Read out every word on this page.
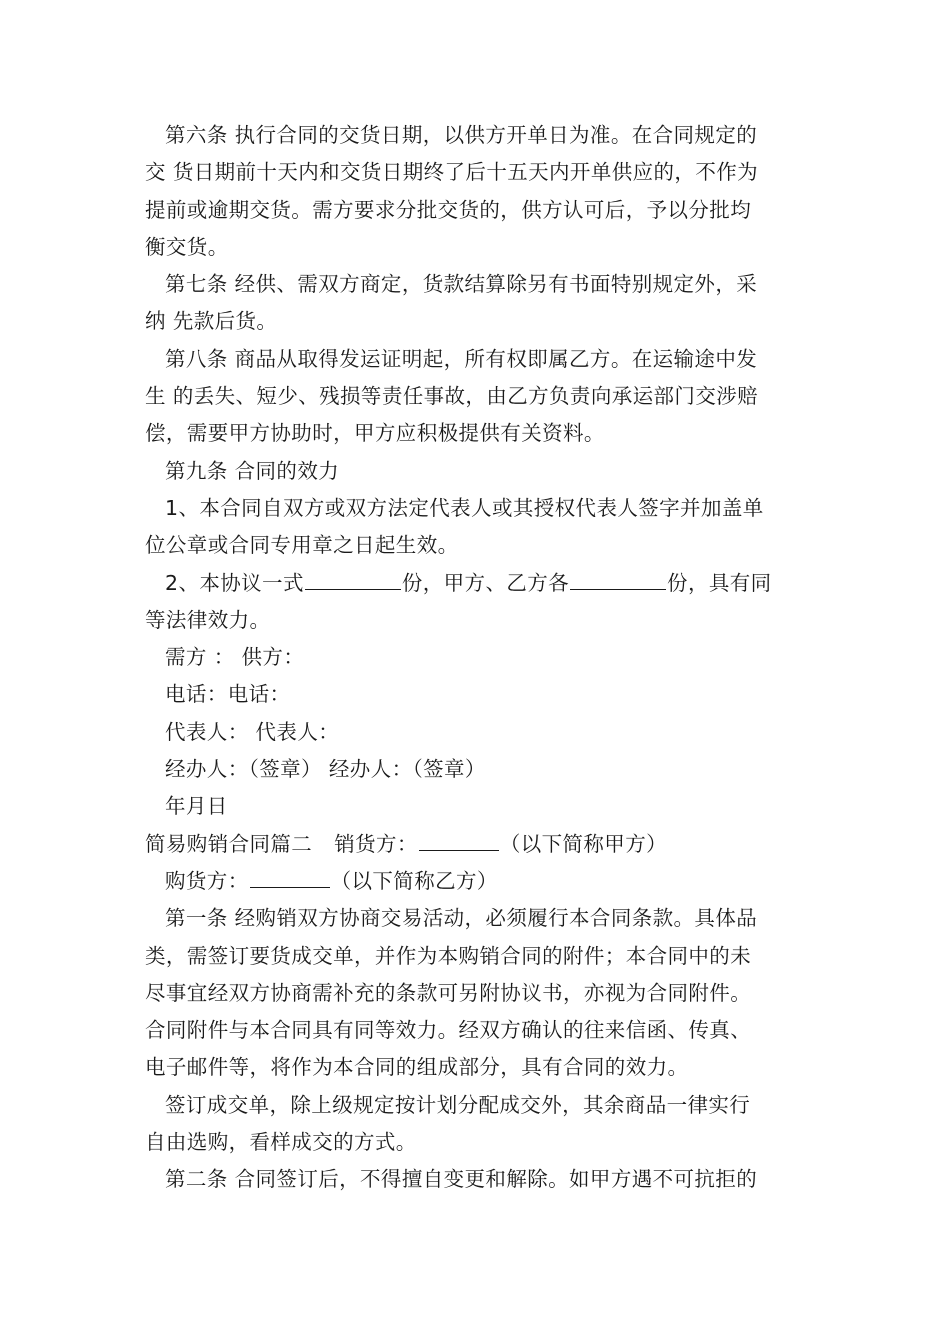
第六条 执行合同的交货日期，以供方开单日为准。在合同规定的
交 货日期前十天内和交货日期终了后十五天内开单供应的，不作为
提前或逾期交货。需方要求分批交货的，供方认可后，予以分批均
衡交货。
第七条 经供、需双方商定，货款结算除另有书面特别规定外，采
纳 先款后货。
第八条 商品从取得发运证明起，所有权即属乙方。在运输途中发
生 的丢失、短少、残损等责任事故，由乙方负责向承运部门交涉赔
偿，需要甲方协助时，甲方应积极提供有关资料。
第九条 合同的效力
1、本合同自双方或双方法定代表人或其授权代表人签字并加盖单
位公章或合同专用章之日起生效。
2、本协议一式	份，甲方、乙方各	份，具有同
等法律效力。
需方 ： 供方：
电话：电话：
代表人： 代表人：
经办人：（签章） 经办人：（签章）
年月日
简易购销合同篇二 销货方：	（以下简称甲方）
购货方：	（以下简称乙方）
第一条 经购销双方协商交易活动，必须履行本合同条款。具体品
类，需签订要货成交单，并作为本购销合同的附件；本合同中的未
尽事宜经双方协商需补充的条款可另附协议书，亦视为合同附件。
合同附件与本合同具有同等效力。经双方确认的往来信函、传真、
电子邮件等，将作为本合同的组成部分，具有合同的效力。
签订成交单，除上级规定按计划分配成交外，其余商品一律实行
自由选购，看样成交的方式。
第二条 合同签订后，不得擅自变更和解除。如甲方遇不可抗拒的
